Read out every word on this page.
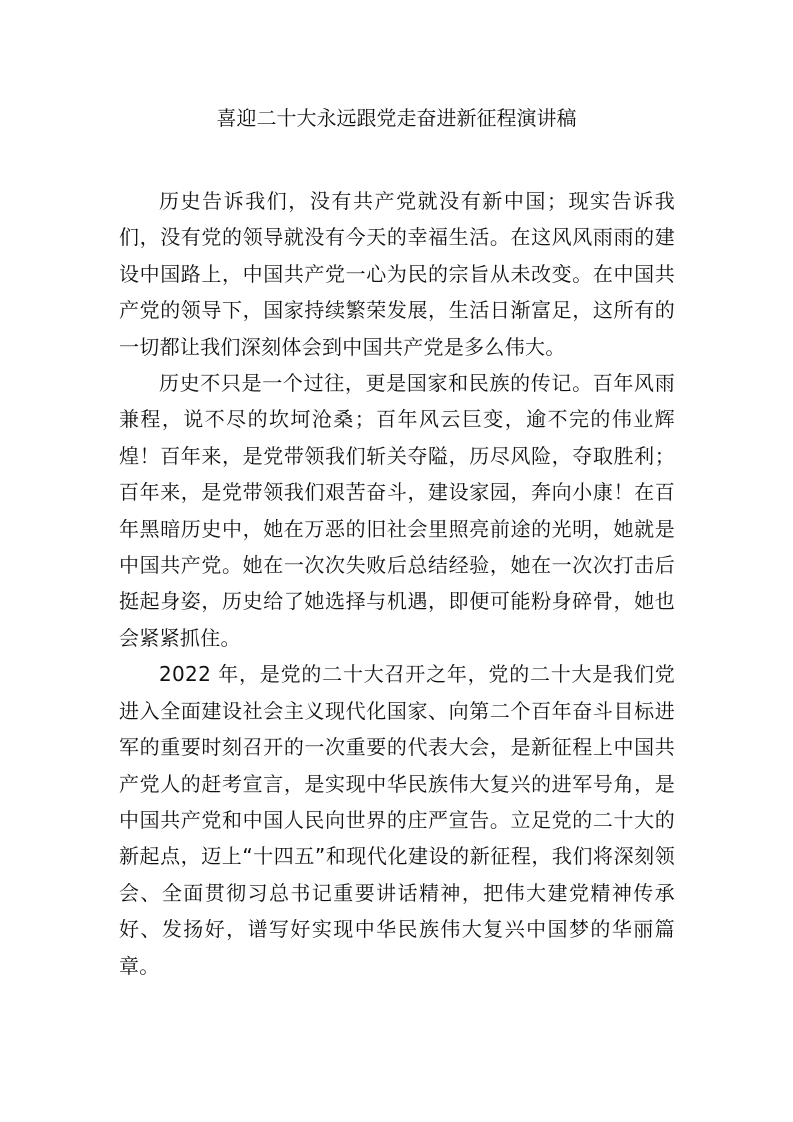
喜迎二十大永远跟党走奋进新征程演讲稿

历史告诉我们，没有共产党就没有新中国；现实告诉我们，没有党的领导就没有今天的幸福生活。在这风风雨雨的建设中国路上，中国共产党一心为民的宗旨从未改变。在中国共产党的领导下，国家持续繁荣发展，生活日渐富足，这所有的一切都让我们深刻体会到中国共产党是多么伟大。

历史不只是一个过往，更是国家和民族的传记。百年风雨兼程，说不尽的坎坷沧桑；百年风云巨变，逾不完的伟业辉煌！百年来，是党带领我们斩关夺隘，历尽风险，夺取胜利；百年来，是党带领我们艰苦奋斗，建设家园，奔向小康！在百年黑暗历史中，她在万恶的旧社会里照亮前途的光明，她就是中国共产党。她在一次次失败后总结经验，她在一次次打击后挺起身姿，历史给了她选择与机遇，即便可能粉身碎骨，她也会紧紧抓住。

2022 年，是党的二十大召开之年，党的二十大是我们党进入全面建设社会主义现代化国家、向第二个百年奋斗目标进军的重要时刻召开的一次重要的代表大会，是新征程上中国共产党人的赶考宣言，是实现中华民族伟大复兴的进军号角，是中国共产党和中国人民向世界的庄严宣告。立足党的二十大的新起点，迈上“十四五”和现代化建设的新征程，我们将深刻领会、全面贯彻习总书记重要讲话精神，把伟大建党精神传承好、发扬好，谱写好实现中华民族伟大复兴中国梦的华丽篇章。
